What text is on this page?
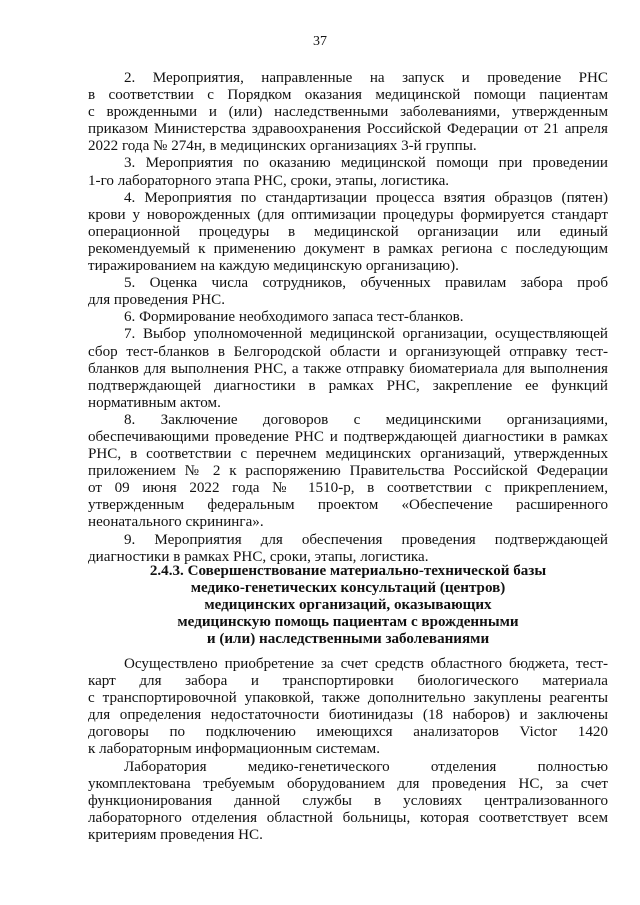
37
2. Мероприятия, направленные на запуск и проведение РНС
в соответствии с Порядком оказания медицинской помощи пациентам
с врожденными и (или) наследственными заболеваниями, утвержденным
приказом Министерства здравоохранения Российской Федерации от 21 апреля
2022 года № 274н, в медицинских организациях 3-й группы.
3. Мероприятия по оказанию медицинской помощи при проведении
1-го лабораторного этапа РНС, сроки, этапы, логистика.
4. Мероприятия по стандартизации процесса взятия образцов (пятен)
крови у новорожденных (для оптимизации процедуры формируется стандарт
операционной процедуры в медицинской организации или единый
рекомендуемый к применению документ в рамках региона с последующим
тиражированием на каждую медицинскую организацию).
5. Оценка числа сотрудников, обученных правилам забора проб
для проведения РНС.
6. Формирование необходимого запаса тест-бланков.
7. Выбор уполномоченной медицинской организации, осуществляющей
сбор тест-бланков в Белгородской области и организующей отправку тест-
бланков для выполнения РНС, а также отправку биоматериала для выполнения
подтверждающей диагностики в рамках РНС, закрепление ее функций
нормативным актом.
8. Заключение договоров с медицинскими организациями,
обеспечивающими проведение РНС и подтверждающей диагностики в рамках
РНС, в соответствии с перечнем медицинских организаций, утвержденных
приложением № 2 к распоряжению Правительства Российской Федерации
от 09 июня 2022 года № 1510-р, в соответствии с прикреплением,
утвержденным федеральным проектом «Обеспечение расширенного
неонатального скрининга».
9. Мероприятия для обеспечения проведения подтверждающей
диагностики в рамках РНС, сроки, этапы, логистика.
2.4.3. Совершенствование материально-технической базы
медико-генетических консультаций (центров)
медицинских организаций, оказывающих
медицинскую помощь пациентам с врожденными
и (или) наследственными заболеваниями
Осуществлено приобретение за счет средств областного бюджета, тест-
карт для забора и транспортировки биологического материала
с транспортировочной упаковкой, также дополнительно закуплены реагенты
для определения недостаточности биотинидазы (18 наборов) и заключены
договоры по подключению имеющихся анализаторов Victor 1420
к лабораторным информационным системам.
Лаборатория медико-генетического отделения полностью
укомплектована требуемым оборудованием для проведения НС, за счет
функционирования данной службы в условиях централизованного
лабораторного отделения областной больницы, которая соответствует всем
критериям проведения НС.
